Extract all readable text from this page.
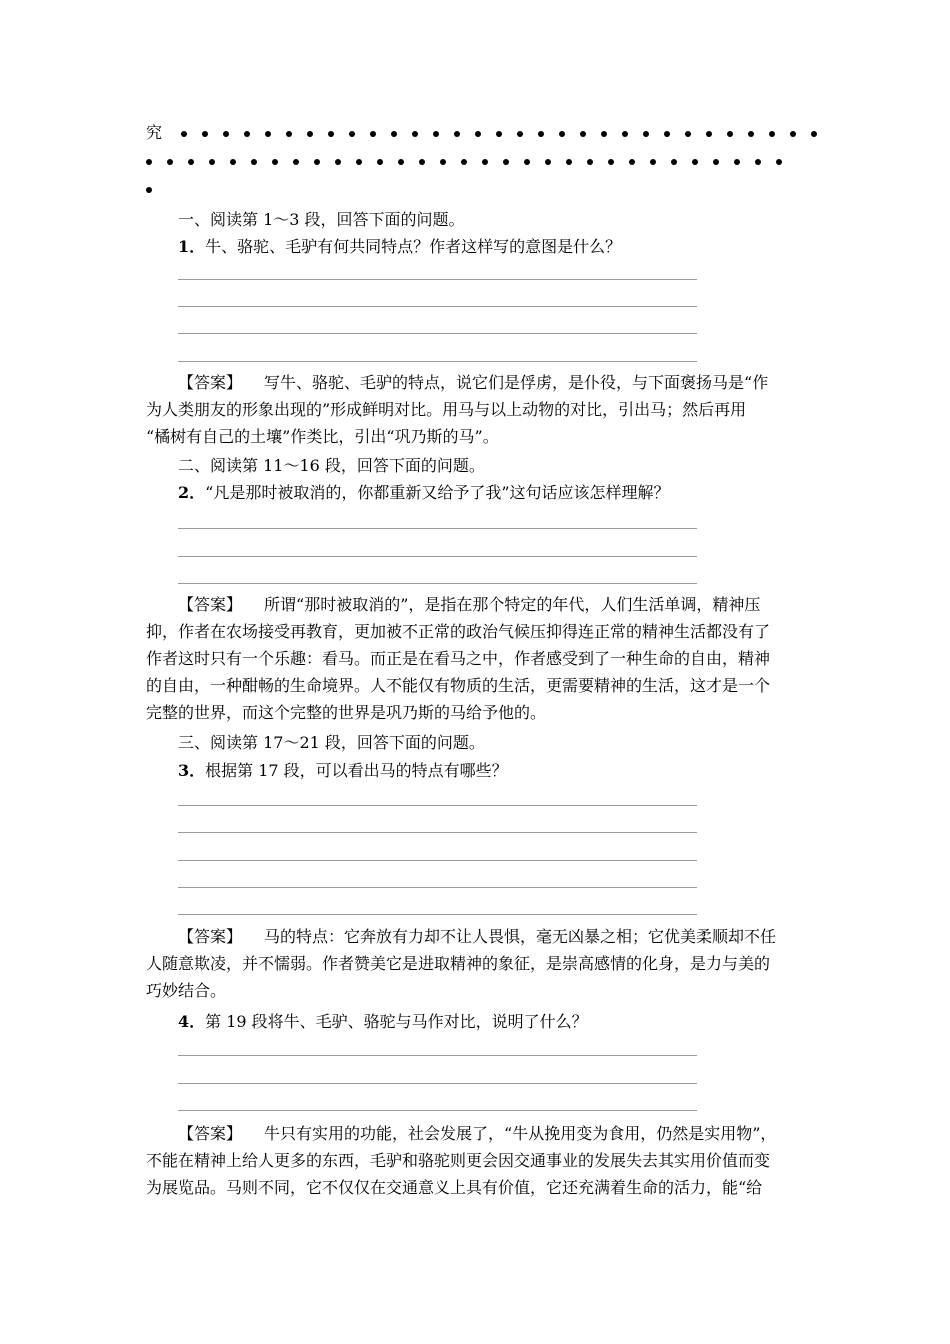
究
一、阅读第 1～3 段，回答下面的问题。
1．牛、骆驼、毛驴有何共同特点？作者这样写的意图是什么？
【答案】 写牛、骆驼、毛驴的特点，说它们是俘虏，是仆役，与下面褒扬马是“作
为人类朋友的形象出现的”形成鲜明对比。用马与以上动物的对比，引出马；然后再用
“橘树有自己的土壤”作类比，引出“巩乃斯的马”。
二、阅读第 11～16 段，回答下面的问题。
2．“凡是那时被取消的，你都重新又给予了我”这句话应该怎样理解？
【答案】 所谓“那时被取消的”，是指在那个特定的年代，人们生活单调，精神压
抑，作者在农场接受再教育，更加被不正常的政治气候压抑得连正常的精神生活都没有了
作者这时只有一个乐趣：看马。而正是在看马之中，作者感受到了一种生命的自由，精神
的自由，一种酣畅的生命境界。人不能仅有物质的生活，更需要精神的生活，这才是一个
完整的世界，而这个完整的世界是巩乃斯的马给予他的。
三、阅读第 17～21 段，回答下面的问题。
3．根据第 17 段，可以看出马的特点有哪些？
【答案】 马的特点：它奔放有力却不让人畏惧，毫无凶暴之相；它优美柔顺却不任
人随意欺凌，并不懦弱。作者赞美它是进取精神的象征，是崇高感情的化身，是力与美的
巧妙结合。
4．第 19 段将牛、毛驴、骆驼与马作对比，说明了什么？
【答案】 牛只有实用的功能，社会发展了，“牛从挽用变为食用，仍然是实用物”，
不能在精神上给人更多的东西，毛驴和骆驼则更会因交通事业的发展失去其实用价值而变
为展览品。马则不同，它不仅仅在交通意义上具有价值，它还充满着生命的活力，能“给
